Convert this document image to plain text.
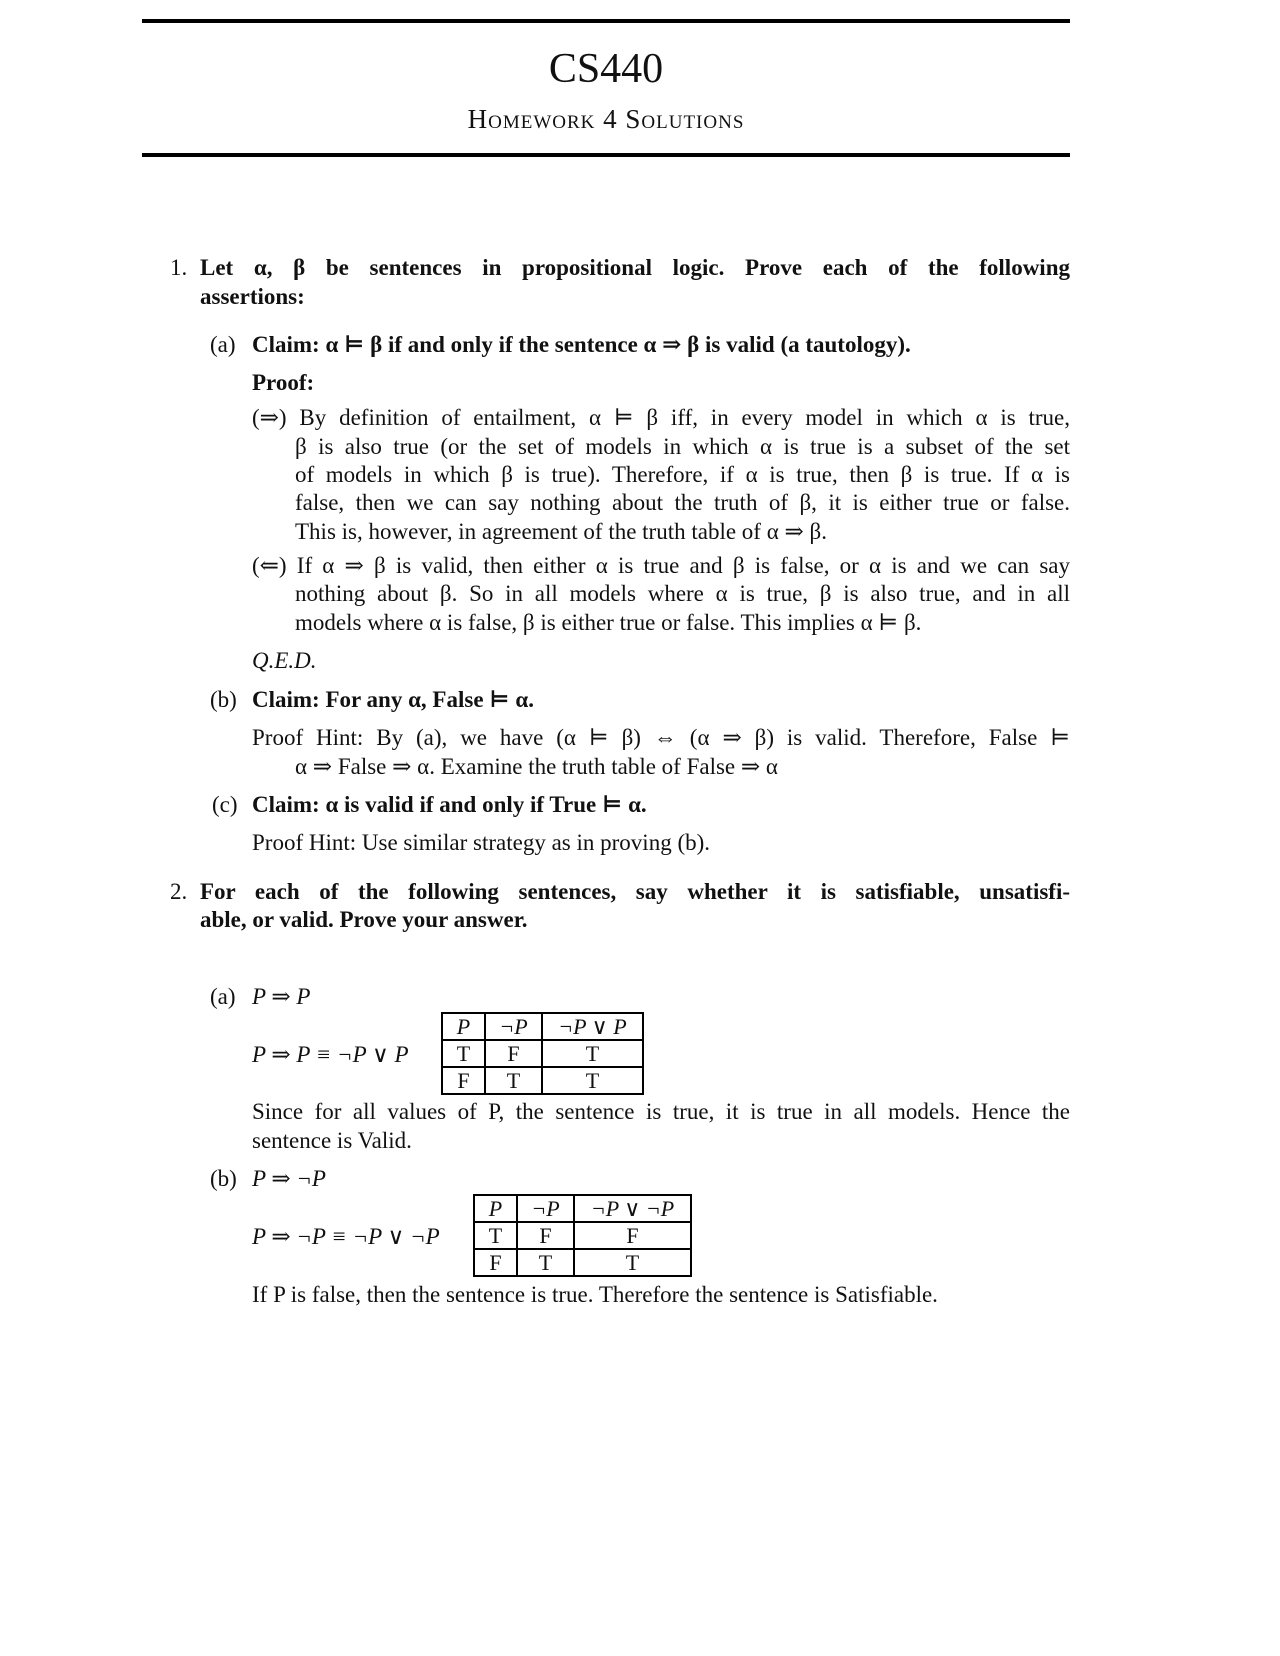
CS440
Homework 4 Solutions
1. Let α, β be sentences in propositional logic. Prove each of the following
assertions:
(a) Claim: α ⊨ β if and only if the sentence α ⇒ β is valid (a tautology).
Proof:
(⇒) By definition of entailment, α ⊨ β iff, in every model in which α is true,
β is also true (or the set of models in which α is true is a subset of the set
of models in which β is true). Therefore, if α is true, then β is true. If α is
false, then we can say nothing about the truth of β, it is either true or false.
This is, however, in agreement of the truth table of α ⇒ β.
(⇐) If α ⇒ β is valid, then either α is true and β is false, or α is and we can say
nothing about β. So in all models where α is true, β is also true, and in all
models where α is false, β is either true or false. This implies α ⊨ β.
Q.E.D.
(b) Claim: For any α, False ⊨ α.
Proof Hint: By (a), we have (α ⊨ β) ⇔ (α ⇒ β) is valid. Therefore, False ⊨
α ⇒ False ⇒ α. Examine the truth table of False ⇒ α
(c) Claim: α is valid if and only if True ⊨ α.
Proof Hint: Use similar strategy as in proving (b).
2. For each of the following sentences, say whether it is satisfiable, unsatisfi-
able, or valid. Prove your answer.
(a) P ⇒ P
P ⇒ P ≡ ¬P ∨ P
P	¬P	¬P ∨ P
T	F	T
F	T	T
Since for all values of P, the sentence is true, it is true in all models. Hence the
sentence is Valid.
(b) P ⇒ ¬P
P ⇒ ¬P ≡ ¬P ∨ ¬P
P	¬P	¬P ∨ ¬P
T	F	F
F	T	T
If P is false, then the sentence is true. Therefore the sentence is Satisfiable.
